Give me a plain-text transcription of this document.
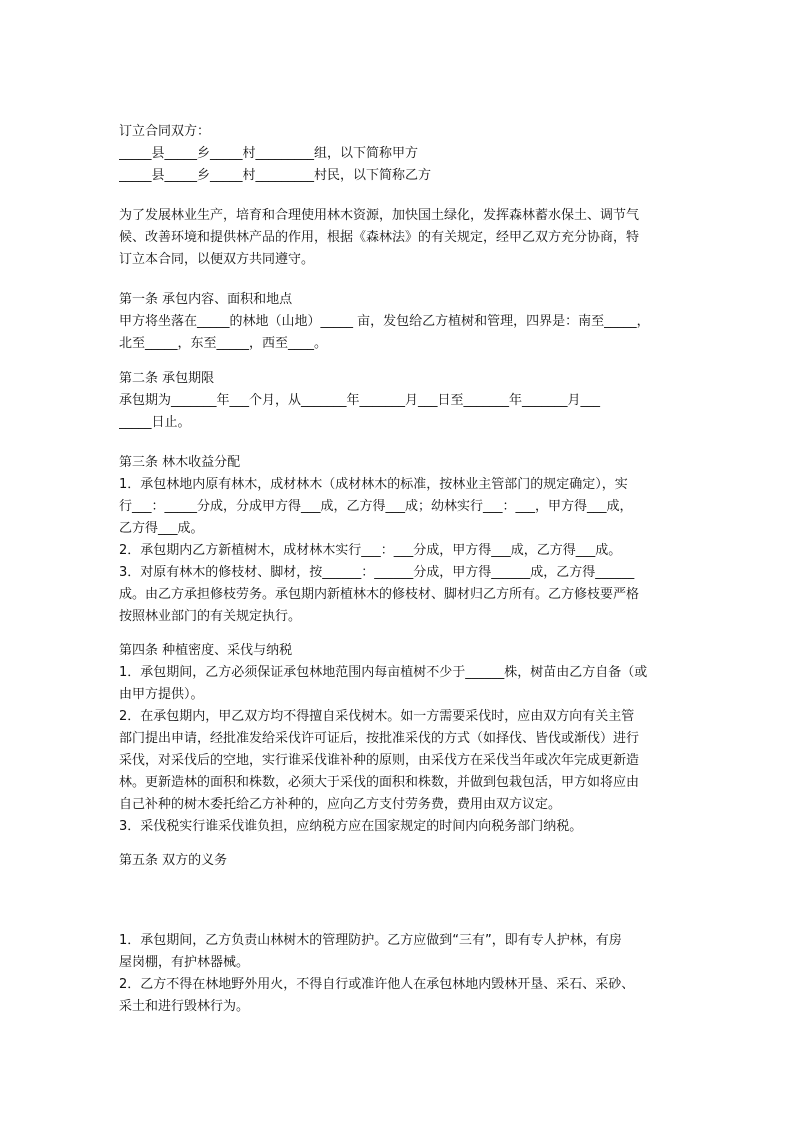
订立合同双方：
_____县_____乡_____村_________组，以下简称甲方
_____县_____乡_____村_________村民，以下简称乙方
为了发展林业生产，培育和合理使用林木资源，加快国土绿化，发挥森林蓄水保土、调节气
候、改善环境和提供林产品的作用，根据《森林法》的有关规定，经甲乙双方充分协商，特
订立本合同，以便双方共同遵守。
第一条 承包内容、面积和地点
甲方将坐落在_____的林地（山地）_____ 亩，发包给乙方植树和管理，四界是：南至_____，
北至_____，东至_____，西至____。
第二条 承包期限
承包期为_______年___个月，从_______年_______月___日至_______年_______月___
_____日止。
第三条 林木收益分配
1．承包林地内原有林木，成材林木（成材林木的标准，按林业主管部门的规定确定），实
行___：_____分成，分成甲方得___成，乙方得___成；幼林实行___：___，甲方得___成，
乙方得___成。
2．承包期内乙方新植树木，成材林木实行___：___分成，甲方得___成，乙方得___成。
3．对原有林木的修枝材、脚材，按______：______分成，甲方得______成，乙方得______
成。由乙方承担修枝劳务。承包期内新植林木的修枝材、脚材归乙方所有。乙方修枝要严格
按照林业部门的有关规定执行。
第四条 种植密度、采伐与纳税
1．承包期间，乙方必须保证承包林地范围内每亩植树不少于______株，树苗由乙方自备（或
由甲方提供）。
2．在承包期内，甲乙双方均不得擅自采伐树木。如一方需要采伐时，应由双方向有关主管
部门提出申请，经批准发给采伐许可证后，按批准采伐的方式（如择伐、皆伐或渐伐）进行
采伐，对采伐后的空地，实行谁采伐谁补种的原则，由采伐方在采伐当年或次年完成更新造
林。更新造林的面积和株数，必须大于采伐的面积和株数，并做到包栽包活，甲方如将应由
自己补种的树木委托给乙方补种的，应向乙方支付劳务费，费用由双方议定。
3．采伐税实行谁采伐谁负担，应纳税方应在国家规定的时间内向税务部门纳税。
第五条 双方的义务
1．承包期间，乙方负责山林树木的管理防护。乙方应做到“三有”，即有专人护林，有房
屋岗棚，有护林器械。
2．乙方不得在林地野外用火，不得自行或准许他人在承包林地内毁林开垦、采石、采砂、
采土和进行毁林行为。
